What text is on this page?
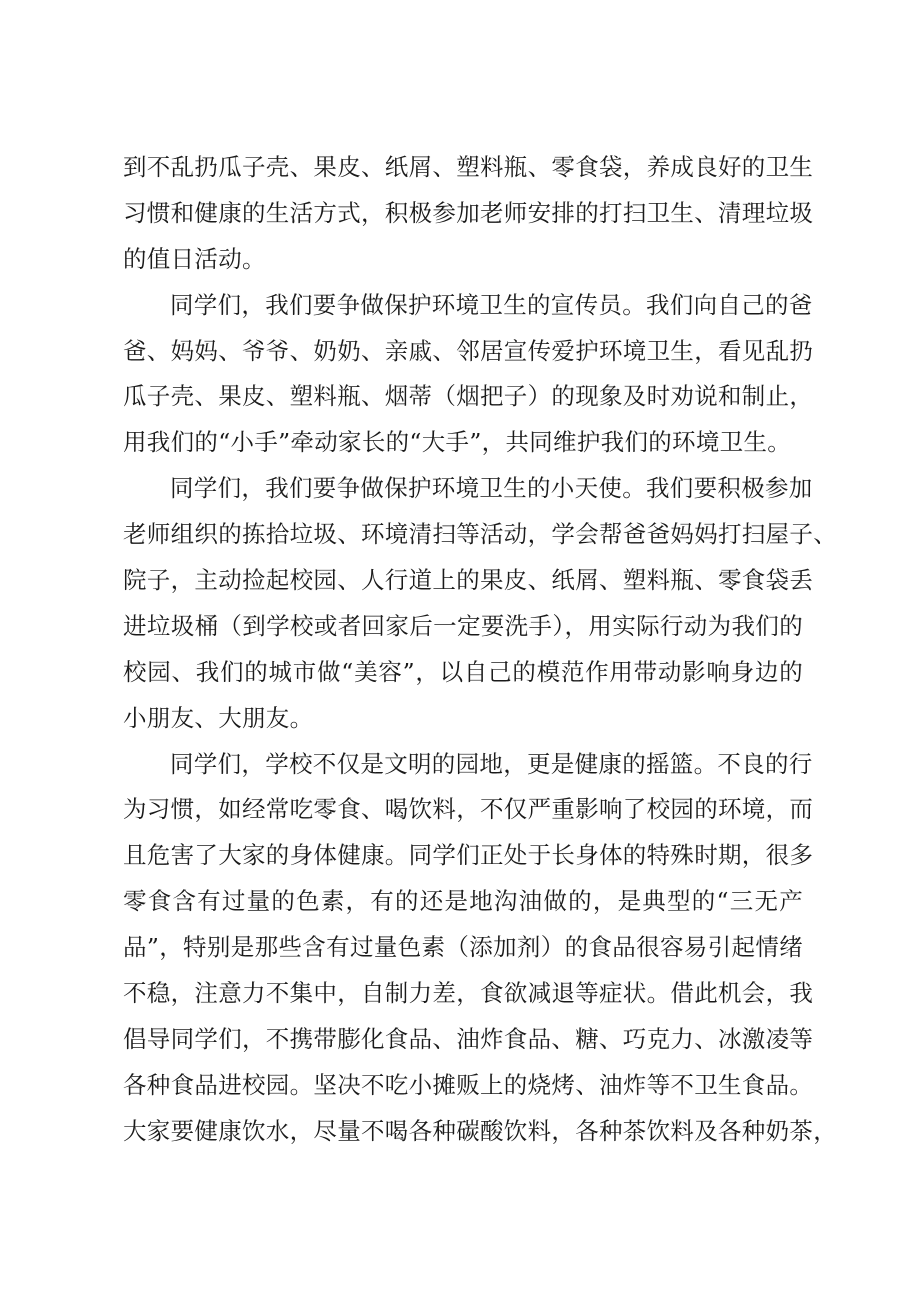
到不乱扔瓜子壳、果皮、纸屑、塑料瓶、零食袋，养成良好的卫生
习惯和健康的生活方式，积极参加老师安排的打扫卫生、清理垃圾
的值日活动。
同学们，我们要争做保护环境卫生的宣传员。我们向自己的爸
爸、妈妈、爷爷、奶奶、亲戚、邻居宣传爱护环境卫生，看见乱扔
瓜子壳、果皮、塑料瓶、烟蒂（烟把子）的现象及时劝说和制止，
用我们的“小手”牵动家长的“大手”，共同维护我们的环境卫生。
同学们，我们要争做保护环境卫生的小天使。我们要积极参加
老师组织的拣拾垃圾、环境清扫等活动，学会帮爸爸妈妈打扫屋子、
院子，主动捡起校园、人行道上的果皮、纸屑、塑料瓶、零食袋丢
进垃圾桶（到学校或者回家后一定要洗手），用实际行动为我们的
校园、我们的城市做“美容”，以自己的模范作用带动影响身边的
小朋友、大朋友。
同学们，学校不仅是文明的园地，更是健康的摇篮。不良的行
为习惯，如经常吃零食、喝饮料，不仅严重影响了校园的环境，而
且危害了大家的身体健康。同学们正处于长身体的特殊时期，很多
零食含有过量的色素，有的还是地沟油做的，是典型的“三无产
品”，特别是那些含有过量色素（添加剂）的食品很容易引起情绪
不稳，注意力不集中，自制力差，食欲减退等症状。借此机会，我
倡导同学们，不携带膨化食品、油炸食品、糖、巧克力、冰激凌等
各种食品进校园。坚决不吃小摊贩上的烧烤、油炸等不卫生食品。
大家要健康饮水，尽量不喝各种碳酸饮料，各种茶饮料及各种奶茶，
